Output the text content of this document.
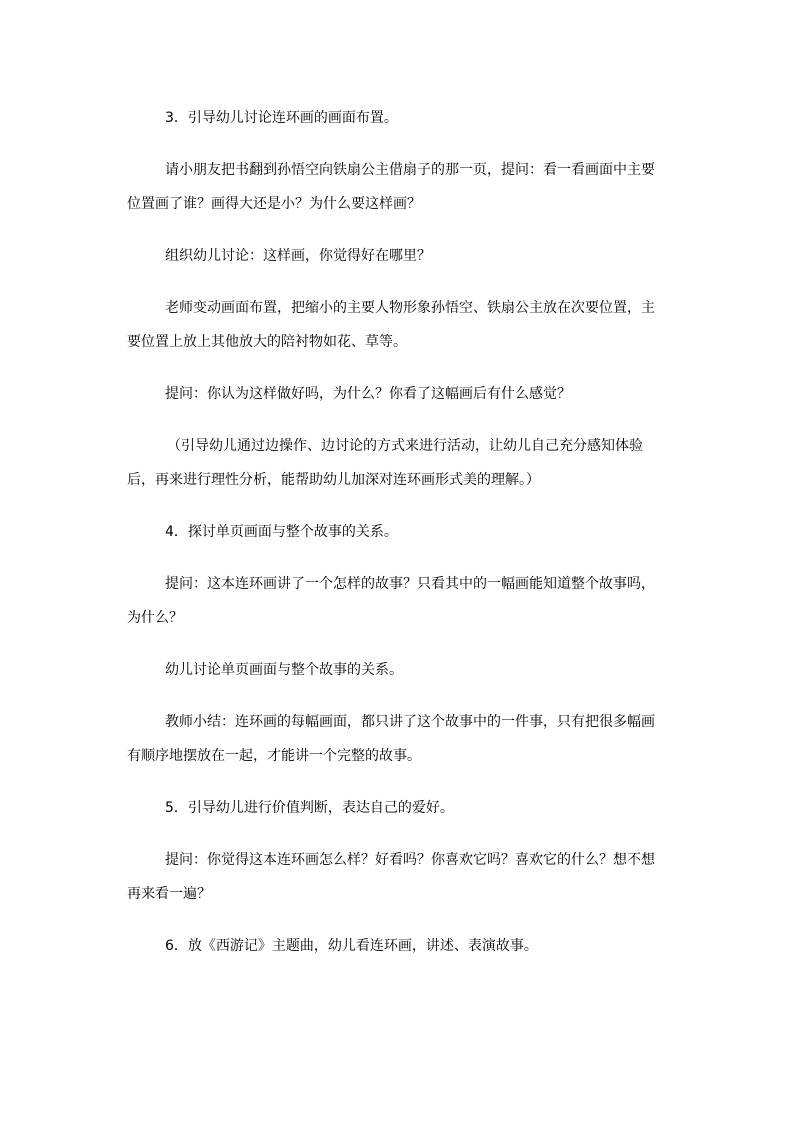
3．引导幼儿讨论连环画的画面布置。

请小朋友把书翻到孙悟空向铁扇公主借扇子的那一页，提问：看一看画面中主要位置画了谁？画得大还是小？为什么要这样画？

组织幼儿讨论：这样画，你觉得好在哪里？

老师变动画面布置，把缩小的主要人物形象孙悟空、铁扇公主放在次要位置，主要位置上放上其他放大的陪衬物如花、草等。

提问：你认为这样做好吗，为什么？你看了这幅画后有什么感觉？

（引导幼儿通过边操作、边讨论的方式来进行活动，让幼儿自己充分感知体验后，再来进行理性分析，能帮助幼儿加深对连环画形式美的理解。）

4．探讨单页画面与整个故事的关系。

提问：这本连环画讲了一个怎样的故事？只看其中的一幅画能知道整个故事吗，为什么？

幼儿讨论单页画面与整个故事的关系。

教师小结：连环画的每幅画面，都只讲了这个故事中的一件事，只有把很多幅画有顺序地摆放在一起，才能讲一个完整的故事。

5．引导幼儿进行价值判断，表达自己的爱好。

提问：你觉得这本连环画怎么样？好看吗？你喜欢它吗？喜欢它的什么？想不想再来看一遍？

6．放《西游记》主题曲，幼儿看连环画，讲述、表演故事。
